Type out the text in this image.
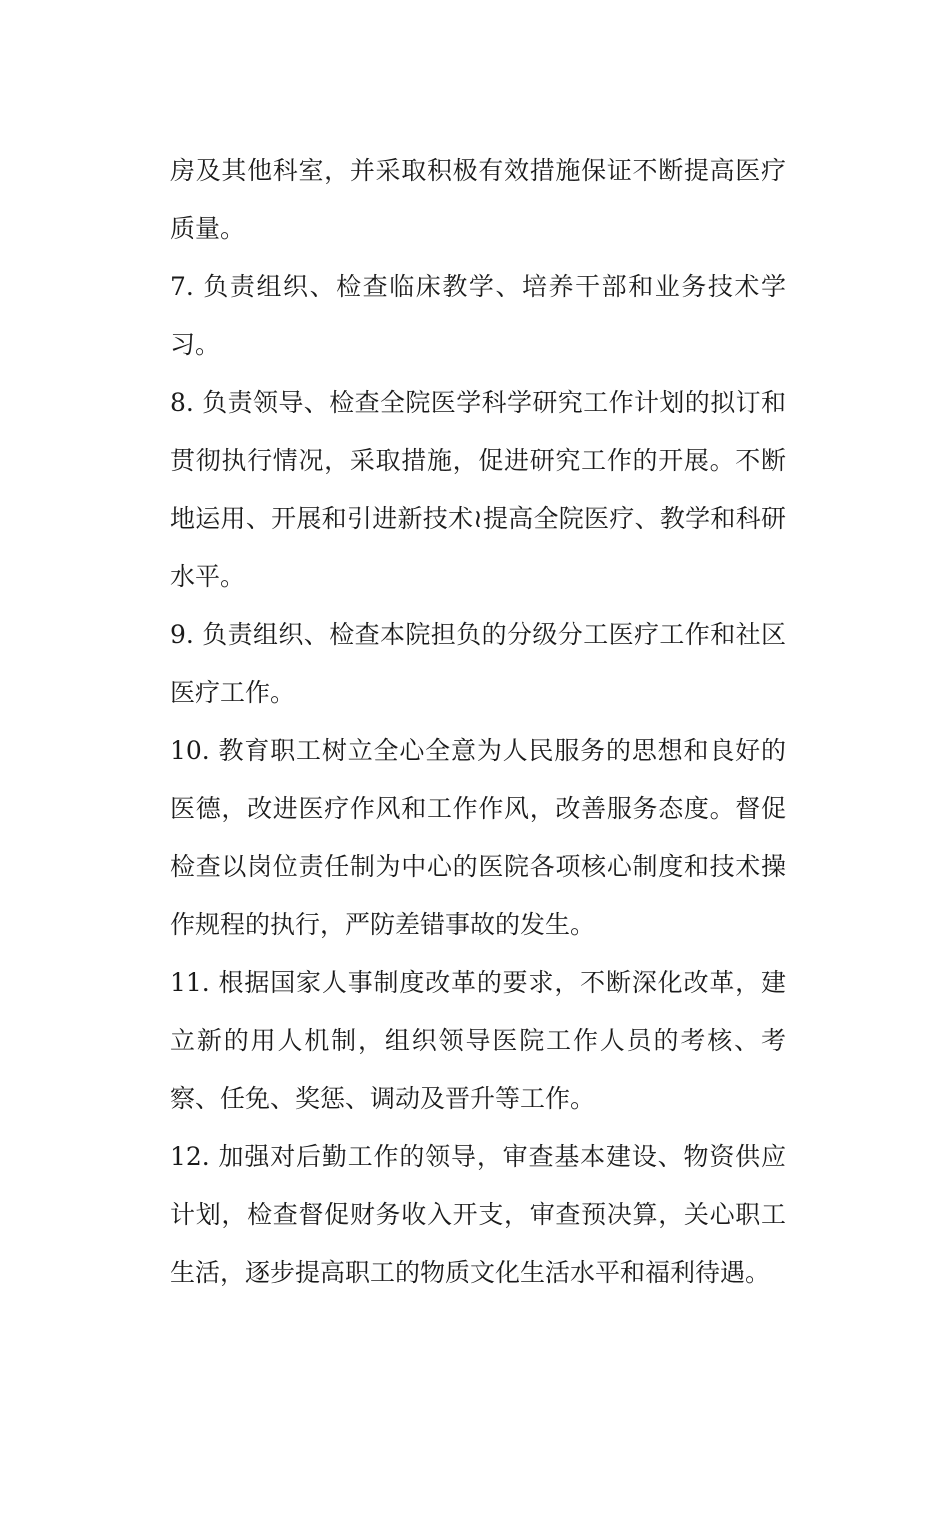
房及其他科室，并采取积极有效措施保证不断提高医疗质量。

7. 负责组织、检查临床教学、培养干部和业务技术学习。

8. 负责领导、检查全院医学科学研究工作计划的拟订和贯彻执行情况，采取措施，促进研究工作的开展。不断地运用、开展和引进新技术≀提高全院医疗、教学和科研水平。

9. 负责组织、检查本院担负的分级分工医疗工作和社区医疗工作。

10. 教育职工树立全心全意为人民服务的思想和良好的医德，改进医疗作风和工作作风，改善服务态度。督促检查以岗位责任制为中心的医院各项核心制度和技术操作规程的执行，严防差错事故的发生。

11. 根据国家人事制度改革的要求，不断深化改革，建立新的用人机制，组织领导医院工作人员的考核、考察、任免、奖惩、调动及晋升等工作。

12. 加强对后勤工作的领导，审查基本建设、物资供应计划，检查督促财务收入开支，审查预决算，关心职工生活，逐步提高职工的物质文化生活水平和福利待遇。
